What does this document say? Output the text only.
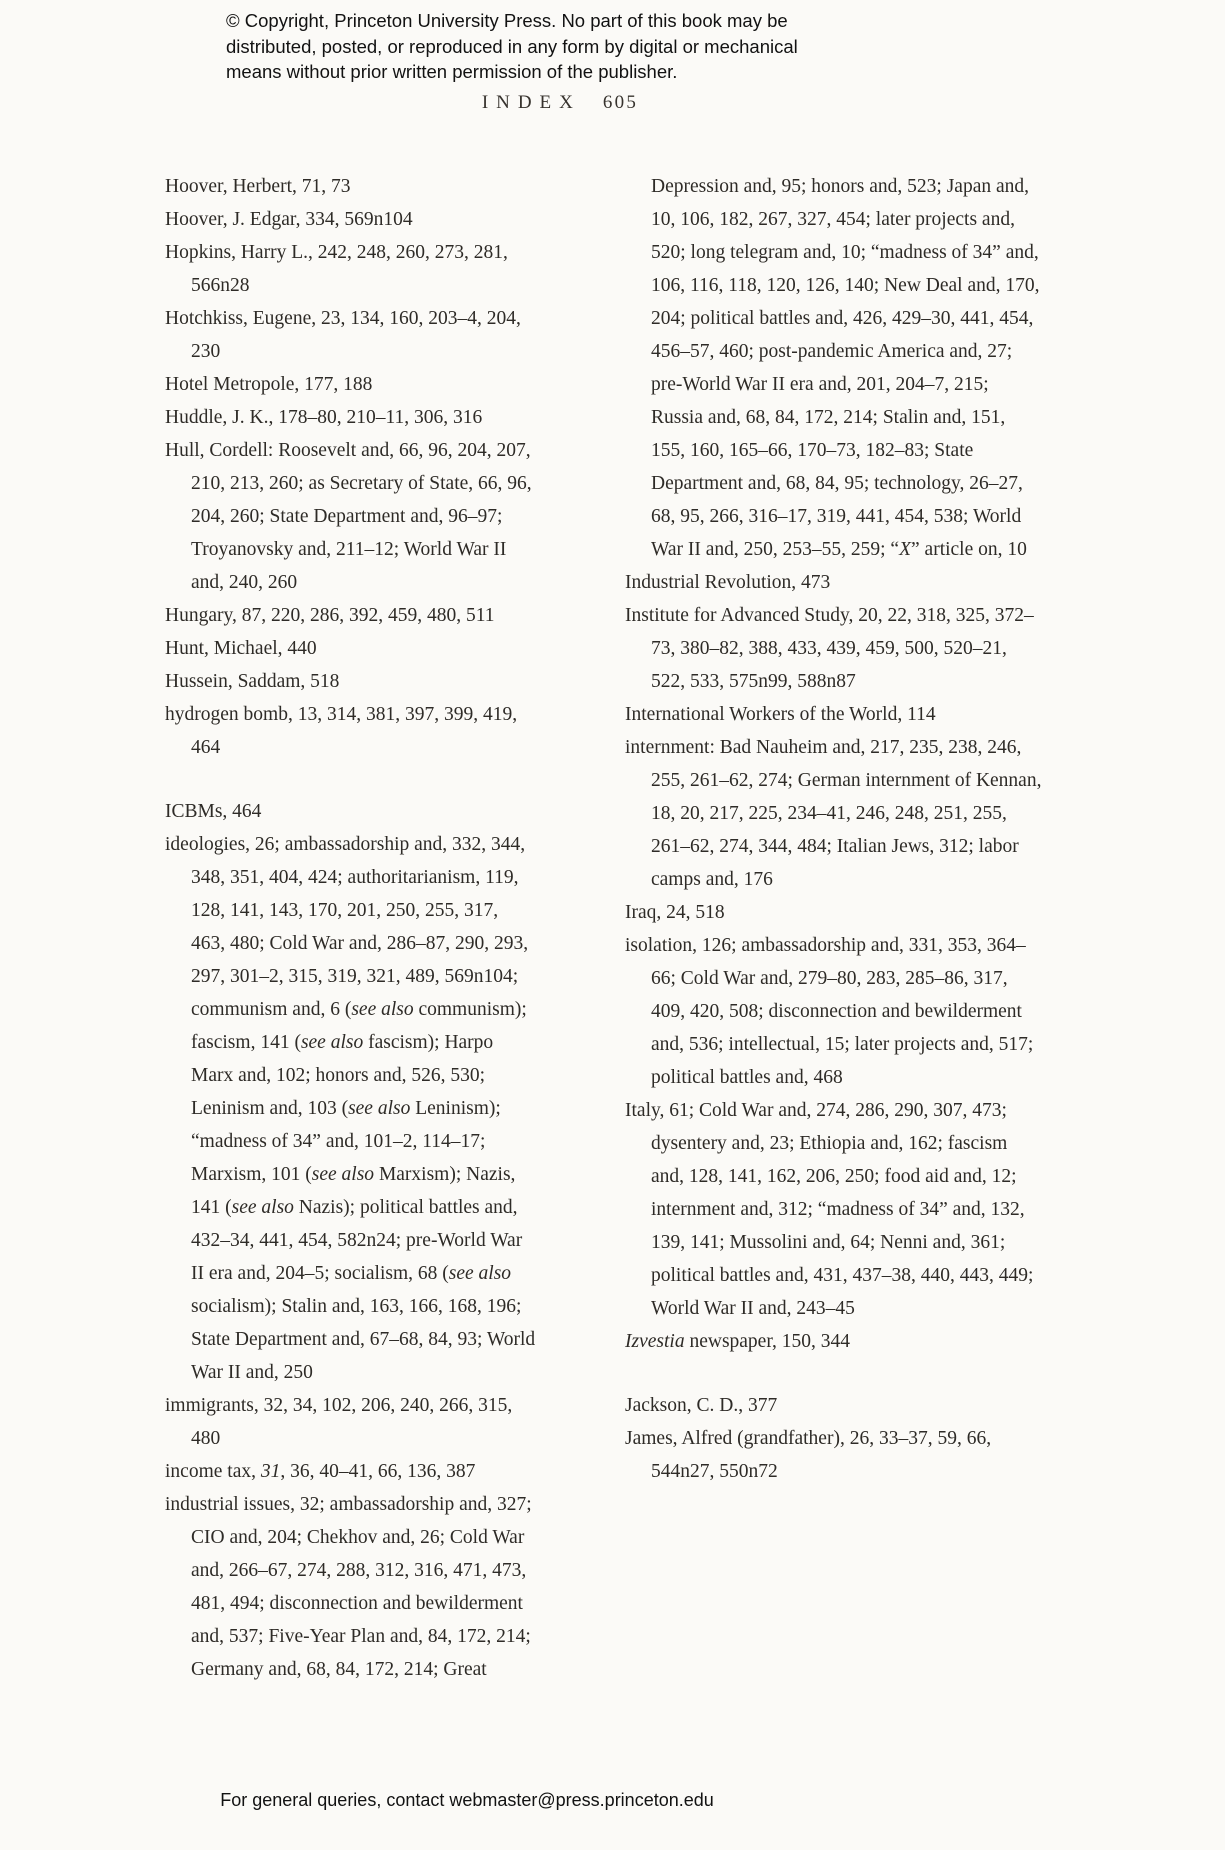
© Copyright, Princeton University Press. No part of this book may be
distributed, posted, or reproduced in any form by digital or mechanical
means without prior written permission of the publisher.
INDEX 605

Hoover, Herbert, 71, 73

Hoover, J. Edgar, 334, 569n104

Hopkins, Harry L., 242, 248, 260, 273, 281, 566n28

Hotchkiss, Eugene, 23, 134, 160, 203–4, 204, 230

Hotel Metropole, 177, 188

Huddle, J. K., 178–80, 210–11, 306, 316

Hull, Cordell: Roosevelt and, 66, 96, 204, 207, 210, 213, 260; as Secretary of State, 66, 96, 204, 260; State Department and, 96–97; Troyanovsky and, 211–12; World War II and, 240, 260

Hungary, 87, 220, 286, 392, 459, 480, 511

Hunt, Michael, 440

Hussein, Saddam, 518

hydrogen bomb, 13, 314, 381, 397, 399, 419, 464

ICBMs, 464

ideologies, 26; ambassadorship and, 332, 344, 348, 351, 404, 424; authoritarianism, 119, 128, 141, 143, 170, 201, 250, 255, 317, 463, 480; Cold War and, 286–87, 290, 293, 297, 301–2, 315, 319, 321, 489, 569n104; communism and, 6 (see also communism); fascism, 141 (see also fascism); Harpo Marx and, 102; honors and, 526, 530; Leninism and, 103 (see also Leninism); “madness of 34” and, 101–2, 114–17; Marxism, 101 (see also Marxism); Nazis, 141 (see also Nazis); political battles and, 432–34, 441, 454, 582n24; pre-World War II era and, 204–5; socialism, 68 (see also socialism); Stalin and, 163, 166, 168, 196; State Department and, 67–68, 84, 93; World War II and, 250

immigrants, 32, 34, 102, 206, 240, 266, 315, 480

income tax, 31, 36, 40–41, 66, 136, 387

industrial issues, 32; ambassadorship and, 327; CIO and, 204; Chekhov and, 26; Cold War and, 266–67, 274, 288, 312, 316, 471, 473, 481, 494; disconnection and bewilderment and, 537; Five-Year Plan and, 84, 172, 214; Germany and, 68, 84, 172, 214; Great

Depression and, 95; honors and, 523; Japan and, 10, 106, 182, 267, 327, 454; later projects and, 520; long telegram and, 10; “madness of 34” and, 106, 116, 118, 120, 126, 140; New Deal and, 170, 204; political battles and, 426, 429–30, 441, 454, 456–57, 460; post-pandemic America and, 27; pre-World War II era and, 201, 204–7, 215; Russia and, 68, 84, 172, 214; Stalin and, 151, 155, 160, 165–66, 170–73, 182–83; State Department and, 68, 84, 95; technology, 26–27, 68, 95, 266, 316–17, 319, 441, 454, 538; World War II and, 250, 253–55, 259; “X” article on, 10

Industrial Revolution, 473

Institute for Advanced Study, 20, 22, 318, 325, 372–73, 380–82, 388, 433, 439, 459, 500, 520–21, 522, 533, 575n99, 588n87

International Workers of the World, 114

internment: Bad Nauheim and, 217, 235, 238, 246, 255, 261–62, 274; German internment of Kennan, 18, 20, 217, 225, 234–41, 246, 248, 251, 255, 261–62, 274, 344, 484; Italian Jews, 312; labor camps and, 176

Iraq, 24, 518

isolation, 126; ambassadorship and, 331, 353, 364–66; Cold War and, 279–80, 283, 285–86, 317, 409, 420, 508; disconnection and bewilderment and, 536; intellectual, 15; later projects and, 517; political battles and, 468

Italy, 61; Cold War and, 274, 286, 290, 307, 473; dysentery and, 23; Ethiopia and, 162; fascism and, 128, 141, 162, 206, 250; food aid and, 12; internment and, 312; “madness of 34” and, 132, 139, 141; Mussolini and, 64; Nenni and, 361; political battles and, 431, 437–38, 440, 443, 449; World War II and, 243–45

Izvestia newspaper, 150, 344

Jackson, C. D., 377

James, Alfred (grandfather), 26, 33–37, 59, 66, 544n27, 550n72

For general queries, contact webmaster@press.princeton.edu
